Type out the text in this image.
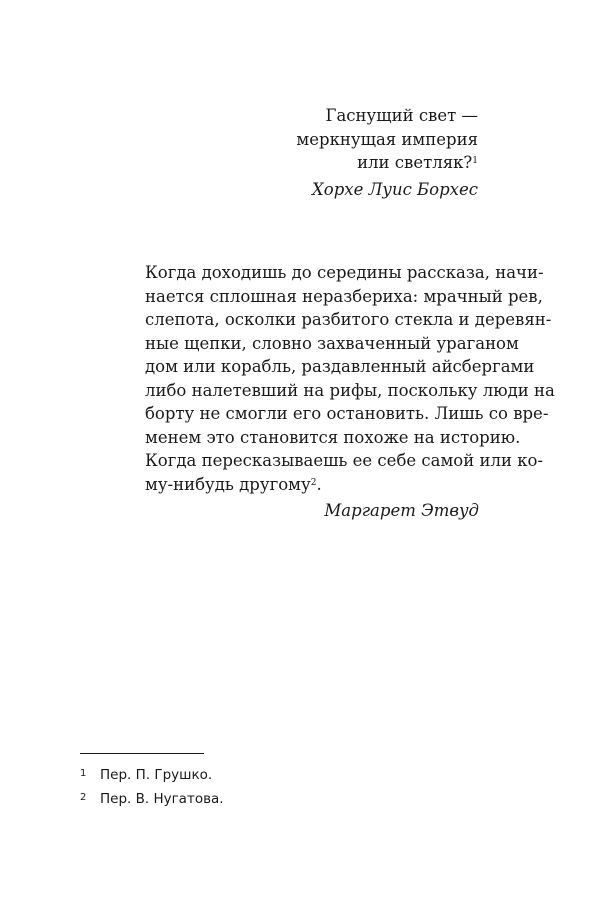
Гаснущий свет —
меркнущая империя
или светляк?$^1$
Хорхе Луис Борхес
Когда доходишь до середины рассказа, начи-
нается сплошная неразбериха: мрачный рев,
слепота, осколки разбитого стекла и деревян-
ные щепки, словно захваченный ураганом
дом или корабль, раздавленный айсбергами
либо налетевший на рифы, поскольку люди на
борту не смогли его остановить. Лишь со вре-
менем это становится похоже на историю.
Когда пересказываешь ее себе самой или ко-
му-нибудь другому$^2$.
Маргарет Этвуд
1 Пер. П. Грушко.
2 Пер. В. Нугатова.
